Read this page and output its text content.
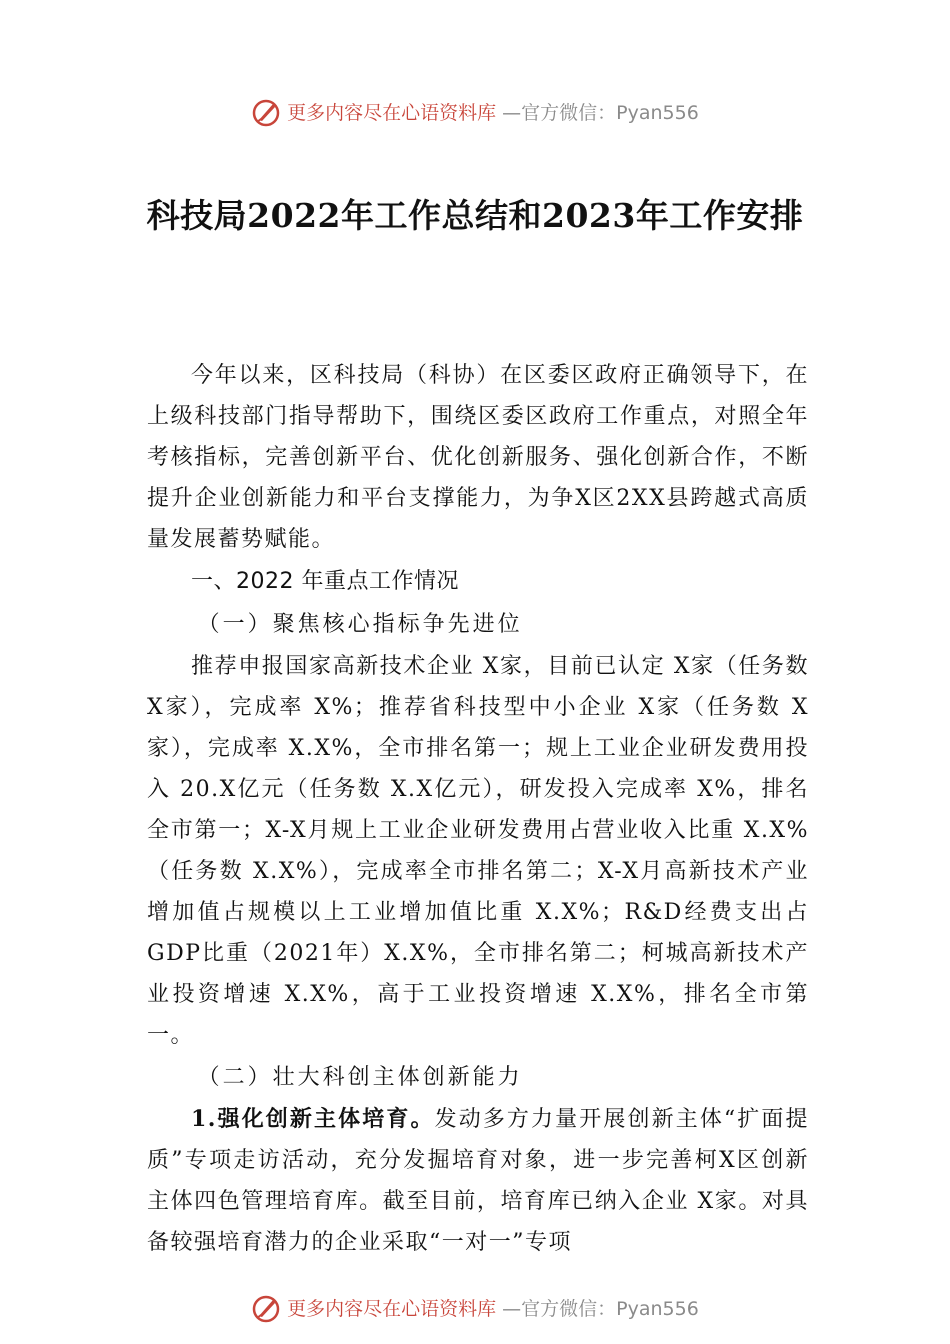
更多内容尽在心语资料库 —官方微信：Pyan556
科技局2022年工作总结和2023年工作安排

今年以来，区科技局（科协）在区委区政府正确领导下，在上级科技部门指导帮助下，围绕区委区政府工作重点，对照全年考核指标，完善创新平台、优化创新服务、强化创新合作，不断提升企业创新能力和平台支撑能力，为争X区2XX县跨越式高质量发展蓄势赋能。

一、2022 年重点工作情况

（一）聚焦核心指标争先进位

推荐申报国家高新技术企业 X家，目前已认定 X家（任务数 X家），完成率 X%；推荐省科技型中小企业 X家（任务数 X家），完成率 X.X%，全市排名第一；规上工业企业研发费用投入 20.X亿元（任务数 X.X亿元），研发投入完成率 X%，排名全市第一；X-X月规上工业企业研发费用占营业收入比重 X.X%（任务数 X.X%），完成率全市排名第二；X-X月高新技术产业增加值占规模以上工业增加值比重 X.X%；R&D经费支出占GDP比重（2021年）X.X%，全市排名第二；柯城高新技术产业投资增速 X.X%，高于工业投资增速 X.X%，排名全市第一。

（二）壮大科创主体创新能力

1.强化创新主体培育。发动多方力量开展创新主体“扩面提质”专项走访活动，充分发掘培育对象，进一步完善柯X区创新主体四色管理培育库。截至目前，培育库已纳入企业 X家。对具备较强培育潜力的企业采取“一对一”专项

更多内容尽在心语资料库 —官方微信：Pyan556
